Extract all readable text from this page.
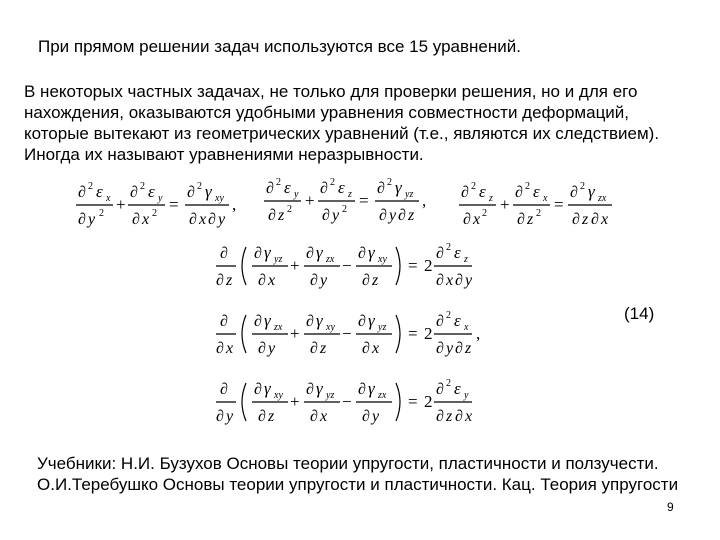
При прямом решении задач используются все 15 уравнений.

В некоторых частных задачах, не только для проверки решения, но и для его нахождения, оказываются удобными уравнения совместности деформаций, которые вытекают из геометрических уравнений (т.е., являются их следствием). Иногда их называют уравнениями неразрывности.

∂ 2 ε x
∂ y 2 +
∂ 2 ε y
∂ x 2 =
∂ 2 γ xy
∂ x ∂ y
,
∂ 2 ε y
∂ z 2 +
∂ 2 ε z
∂ y 2 =
∂ 2 γ yz
∂ y ∂ z
, ∂ 2 ε z
∂ x 2 +
∂ 2 ε x
∂ z 2 =
∂ 2 γ zx
∂ z ∂ x
∂
∂ z
∂ γ yz
∂ x
+
∂ γ zx
∂ y
−
∂ γ xy
∂ z
= 2
∂ 2 ε z
∂ x ∂ y
∂
∂ x
∂ γ zx
∂ y
+
∂ γ xy
∂ z
−
∂ γ yz
∂ x
= 2
∂ 2 ε x
∂ y ∂ z
,
∂
∂ y
∂ γ xy
∂ z
+
∂ γ yz
∂ x
−
∂ γ zx
∂ y
= 2
∂ 2 ε y
∂ z ∂ x
(14)

Учебники: Н.И. Бузухов Основы теории упругости, пластичности и ползучести. О.И.Теребушко Основы теории упругости и пластичности. Кац. Теория упругости

9
